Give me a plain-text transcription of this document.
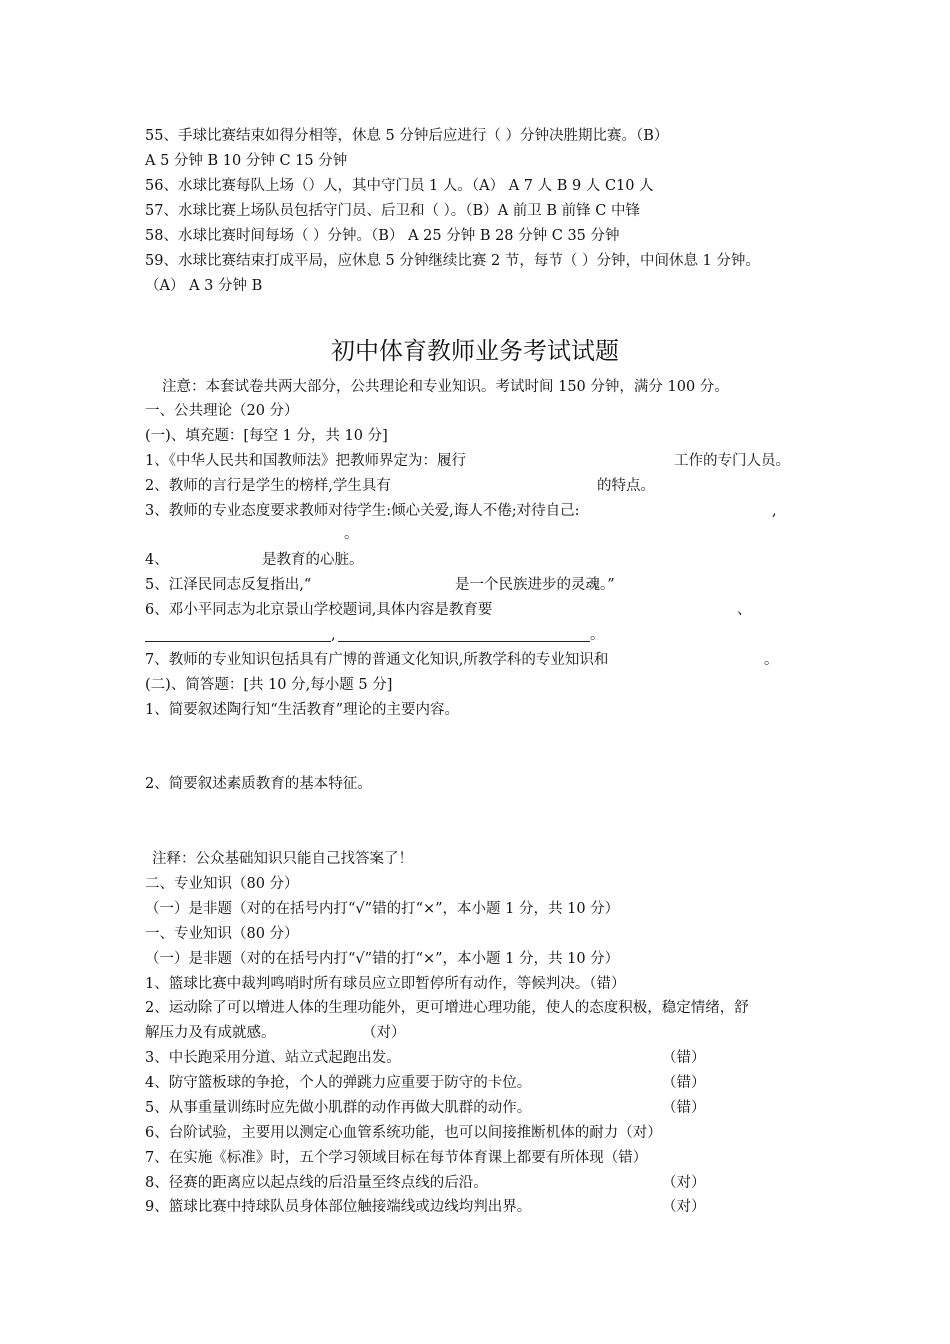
55、手球比赛结束如得分相等，休息 5 分钟后应进行（ ）分钟决胜期比赛。（B）
A 5 分钟 B 10 分钟 C 15 分钟
56、水球比赛每队上场（）人，其中守门员 1 人。（A） A 7 人 B 9 人 C10 人
57、水球比赛上场队员包括守门员、后卫和（ ）。（B）A 前卫 B 前锋 C 中锋
58、水球比赛时间每场（ ）分钟。（B） A 25 分钟 B 28 分钟 C 35 分钟
59、水球比赛结束打成平局，应休息 5 分钟继续比赛 2 节，每节（ ）分钟，中间休息 1 分钟。
（A） A 3 分钟 B
初中体育教师业务考试试题
注意：本套试卷共两大部分，公共理论和专业知识。考试时间 150 分钟，满分 100 分。
一、公共理论（20 分）
(一)、填充题：[每空 1 分，共 10 分]
1、《中华人民共和国教师法》把教师界定为：履行	工作的专门人员。
2、教师的言行是学生的榜样,学生具有	的特点。
3、教师的专业态度要求教师对待学生:倾心关爱,诲人不倦;对待自己:	,
。
4、	是教育的心脏。
5、江泽民同志反复指出,“	是一个民族进步的灵魂。”
6、邓小平同志为北京景山学校题词,具体内容是教育要	、
,	。
7、教师的专业知识包括具有广博的普通文化知识,所教学科的专业知识和	。
(二)、简答题：[共 10 分,每小题 5 分]
1、简要叙述陶行知“生活教育”理论的主要内容。
2、简要叙述素质教育的基本特征。
注释：公众基础知识只能自己找答案了！
二、专业知识（80 分）
（一）是非题（对的在括号内打“√”错的打“×”，本小题 1 分，共 10 分）
一、专业知识（80 分）
（一）是非题（对的在括号内打“√”错的打“×”，本小题 1 分，共 10 分）
1、篮球比赛中裁判鸣哨时所有球员应立即暂停所有动作，等候判决。（错）
2、运动除了可以增进人体的生理功能外，更可增进心理功能，使人的态度积极，稳定情绪，舒
解压力及有成就感。	（对）
3、中长跑采用分道、站立式起跑出发。	（错）
4、防守篮板球的争抢，个人的弹跳力应重要于防守的卡位。	（错）
5、从事重量训练时应先做小肌群的动作再做大肌群的动作。	（错）
6、台阶试验，主要用以测定心血管系统功能，也可以间接推断机体的耐力（对）
7、在实施《标准》时，五个学习领域目标在每节体育课上都要有所体现（错）
8、径赛的距离应以起点线的后沿量至终点线的后沿。	（对）
9、篮球比赛中持球队员身体部位触接端线或边线均判出界。	（对）
